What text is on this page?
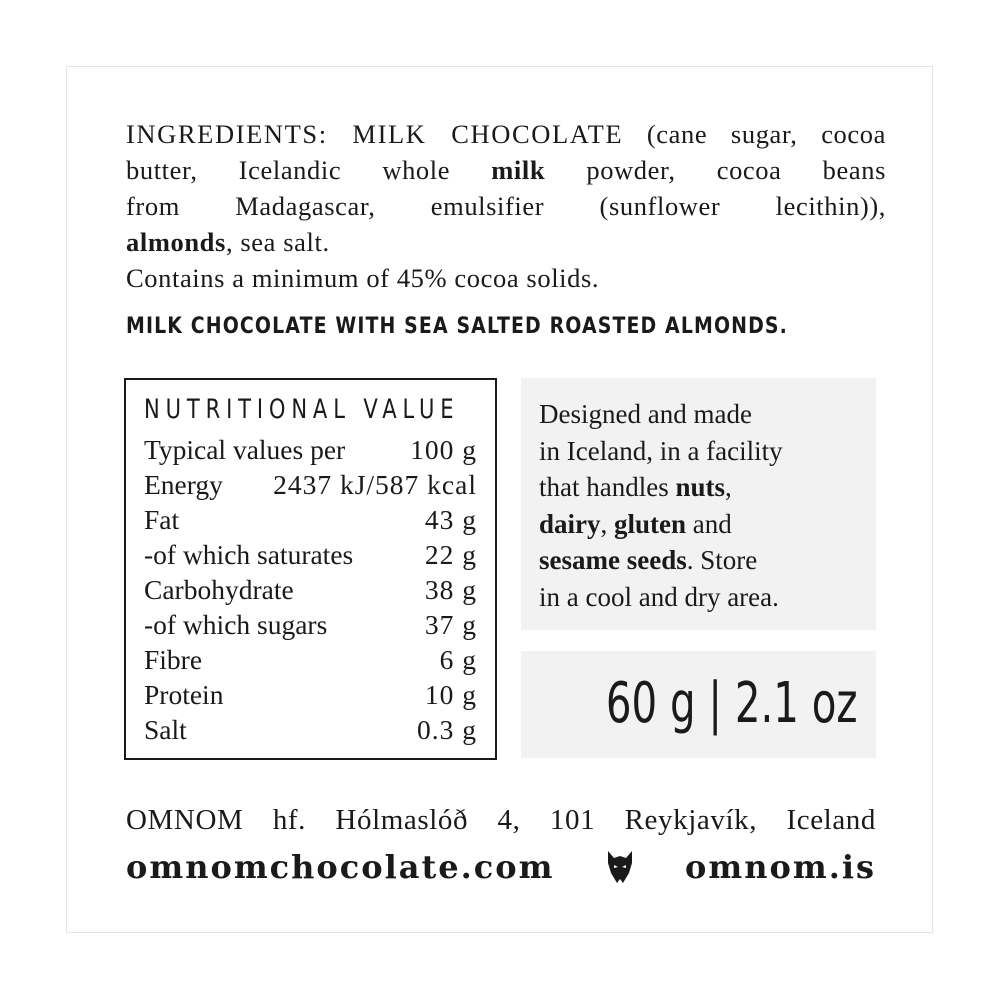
INGREDIENTS: MILK CHOCOLATE (cane sugar, cocoa
butter, Icelandic whole milk powder, cocoa beans
from Madagascar, emulsifier (sunflower lecithin)),
almonds, sea salt.
Contains a minimum of 45% cocoa solids.
MILK CHOCOLATE WITH SEA SALTED ROASTED ALMONDS.
NUTRITIONAL VALUE
Typical values per 100 g
Energy 2437 kJ/587 kcal
Fat	43 g
-of which saturates	22 g
Carbohydrate	38 g
-of which sugars	37 g
Fibre	6 g
Protein	10 g
Salt	0.3 g
Designed and made
in Iceland, in a facility
that handles nuts,
dairy, gluten and
sesame seeds. Store
in a cool and dry area.
60 g | 2.1 oz
OMNOM hf. Hólmaslóð 4, 101 Reykjavík, Iceland
omnomchocolate.com	omnom.is
